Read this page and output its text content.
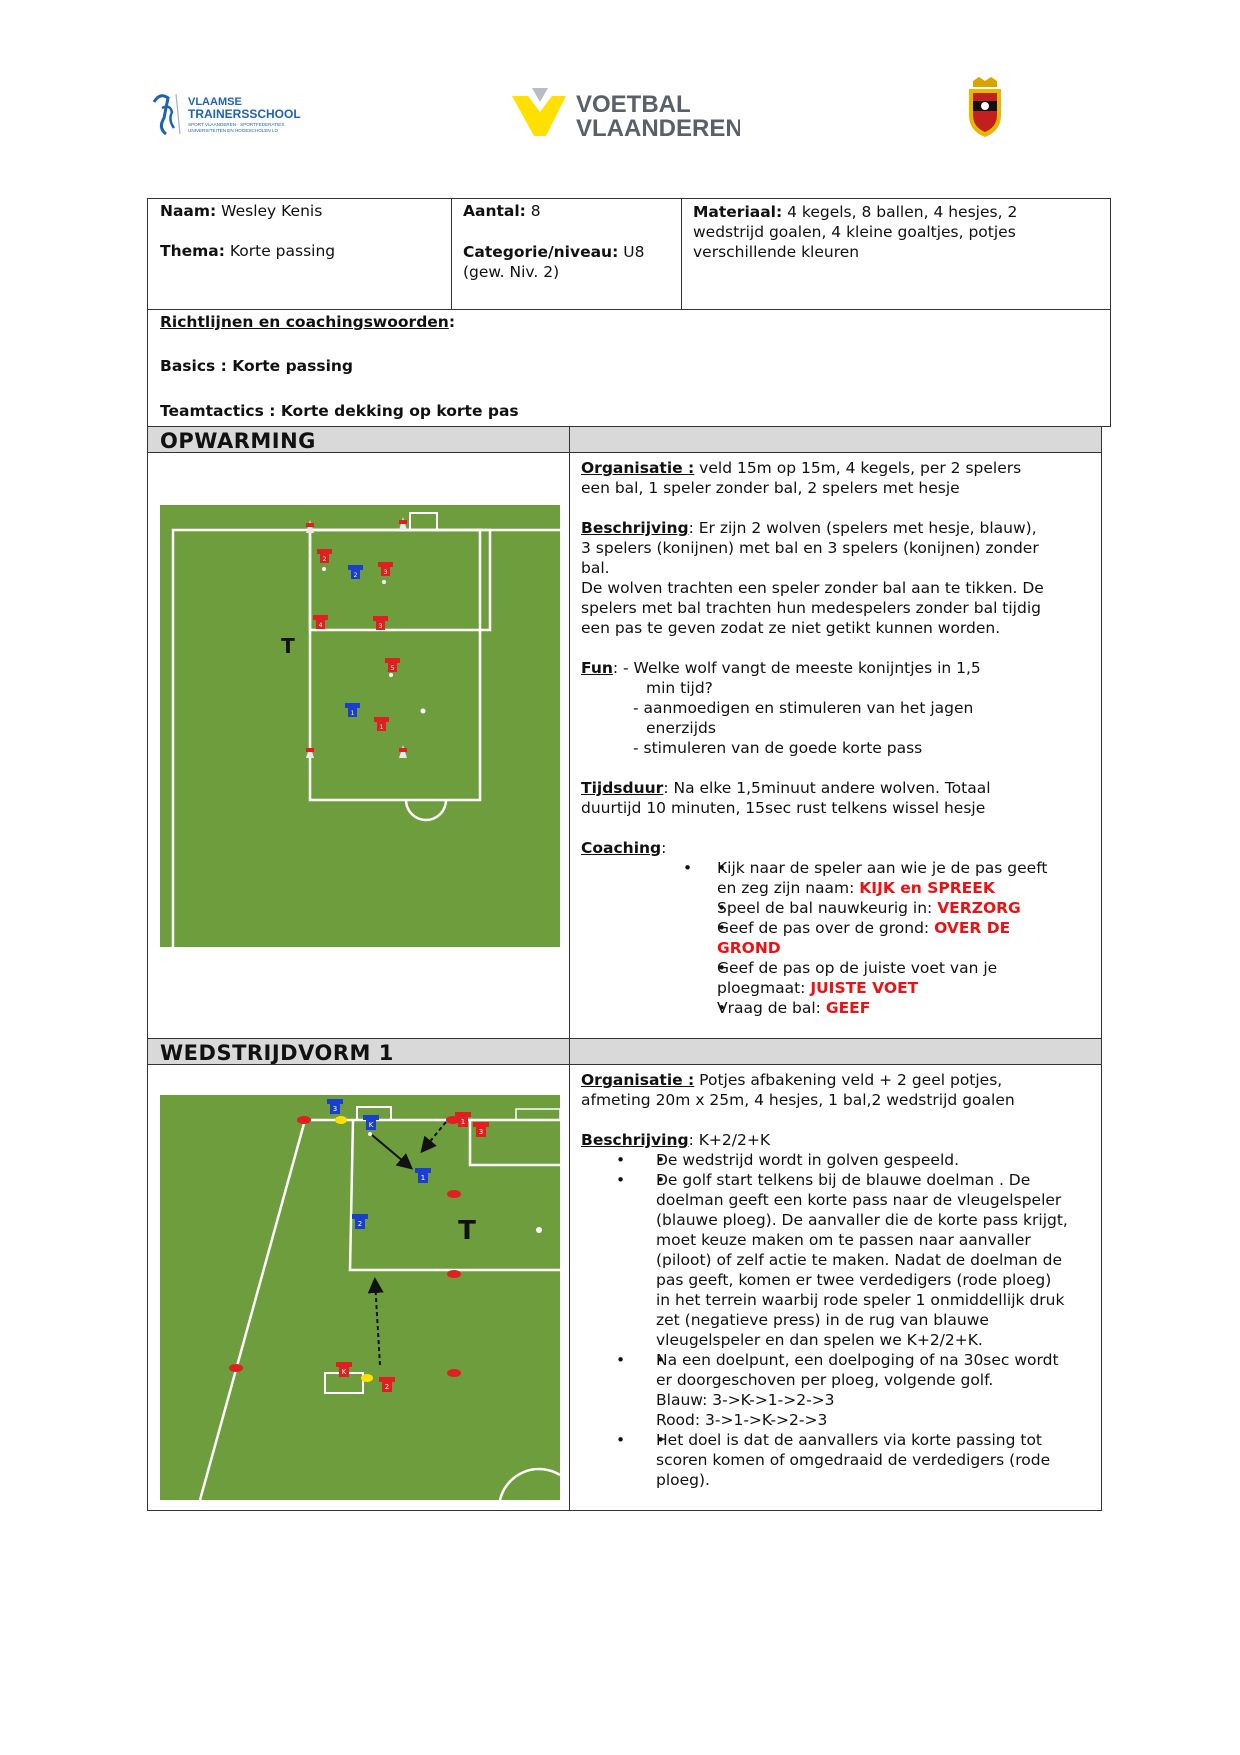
VLAAMSE
TRAINERSSCHOOL
SPORT VLAANDEREN - SPORTFEDERATIES
UNIVERSITEITEN EN HOGESCHOLEN LO
VOETBAL
VLAANDEREN
Naam: Wesley Kenis
Thema: Korte passing
Aantal: 8
Categorie/niveau: U8
(gew. Niv. 2)
Materiaal: 4 kegels, 8 ballen, 4 hesjes, 2
wedstrijd goalen, 4 kleine goaltjes, potjes
verschillende kleuren
Richtlijnen en coachingswoorden:
Basics : Korte passing
Teamtactics : Korte dekking op korte pas
OPWARMING
2
2	3
4	3
5
1
1
T

Organisatie : veld 15m op 15m, 4 kegels, per 2 spelers

een bal, 1 speler zonder bal, 2 spelers met hesje

Beschrijving: Er zijn 2 wolven (spelers met hesje, blauw),

3 spelers (konijnen) met bal en 3 spelers (konijnen) zonder

bal.

De wolven trachten een speler zonder bal aan te tikken. De

spelers met bal trachten hun medespelers zonder bal tijdig

een pas te geven zodat ze niet getikt kunnen worden.

Fun: - Welke wolf vangt de meeste konijntjes in 1,5

min tijd?

- aanmoedigen en stimuleren van het jagen

enerzijds

- stimuleren van de goede korte pass

Tijdsduur: Na elke 1,5minuut andere wolven. Totaal

duurtijd 10 minuten, 15sec rust telkens wissel hesje

Coaching:

• • Kijk naar de speler aan wie je de pas geeft
en zeg zijn naam: KIJK en SPREEK
• Speel de bal nauwkeurig in: VERZORG
• Geef de pas over de grond: OVER DE
GROND
• Geef de pas op de juiste voet van je
ploegmaat: JUISTE VOET
• Vraag de bal: GEEF
WEDSTRIJDVORM 1
3
K
1
2
1
3
K
2
T

Organisatie : Potjes afbakening veld + 2 geel potjes,

afmeting 20m x 25m, 4 hesjes, 1 bal,2 wedstrijd goalen

Beschrijving: K+2/2+K

• • De wedstrijd wordt in golven gespeeld.
• • De golf start telkens bij de blauwe doelman . De
doelman geeft een korte pass naar de vleugelspeler
(blauwe ploeg). De aanvaller die de korte pass krijgt,
moet keuze maken om te passen naar aanvaller
(piloot) of zelf actie te maken. Nadat de doelman de
pas geeft, komen er twee verdedigers (rode ploeg)
in het terrein waarbij rode speler 1 onmiddellijk druk
zet (negatieve press) in de rug van blauwe
vleugelspeler en dan spelen we K+2/2+K.
• • Na een doelpunt, een doelpoging of na 30sec wordt
er doorgeschoven per ploeg, volgende golf.
Blauw: 3->K->1->2->3
Rood: 3->1->K->2->3
• • Het doel is dat de aanvallers via korte passing tot
scoren komen of omgedraaid de verdedigers (rode
ploeg).
